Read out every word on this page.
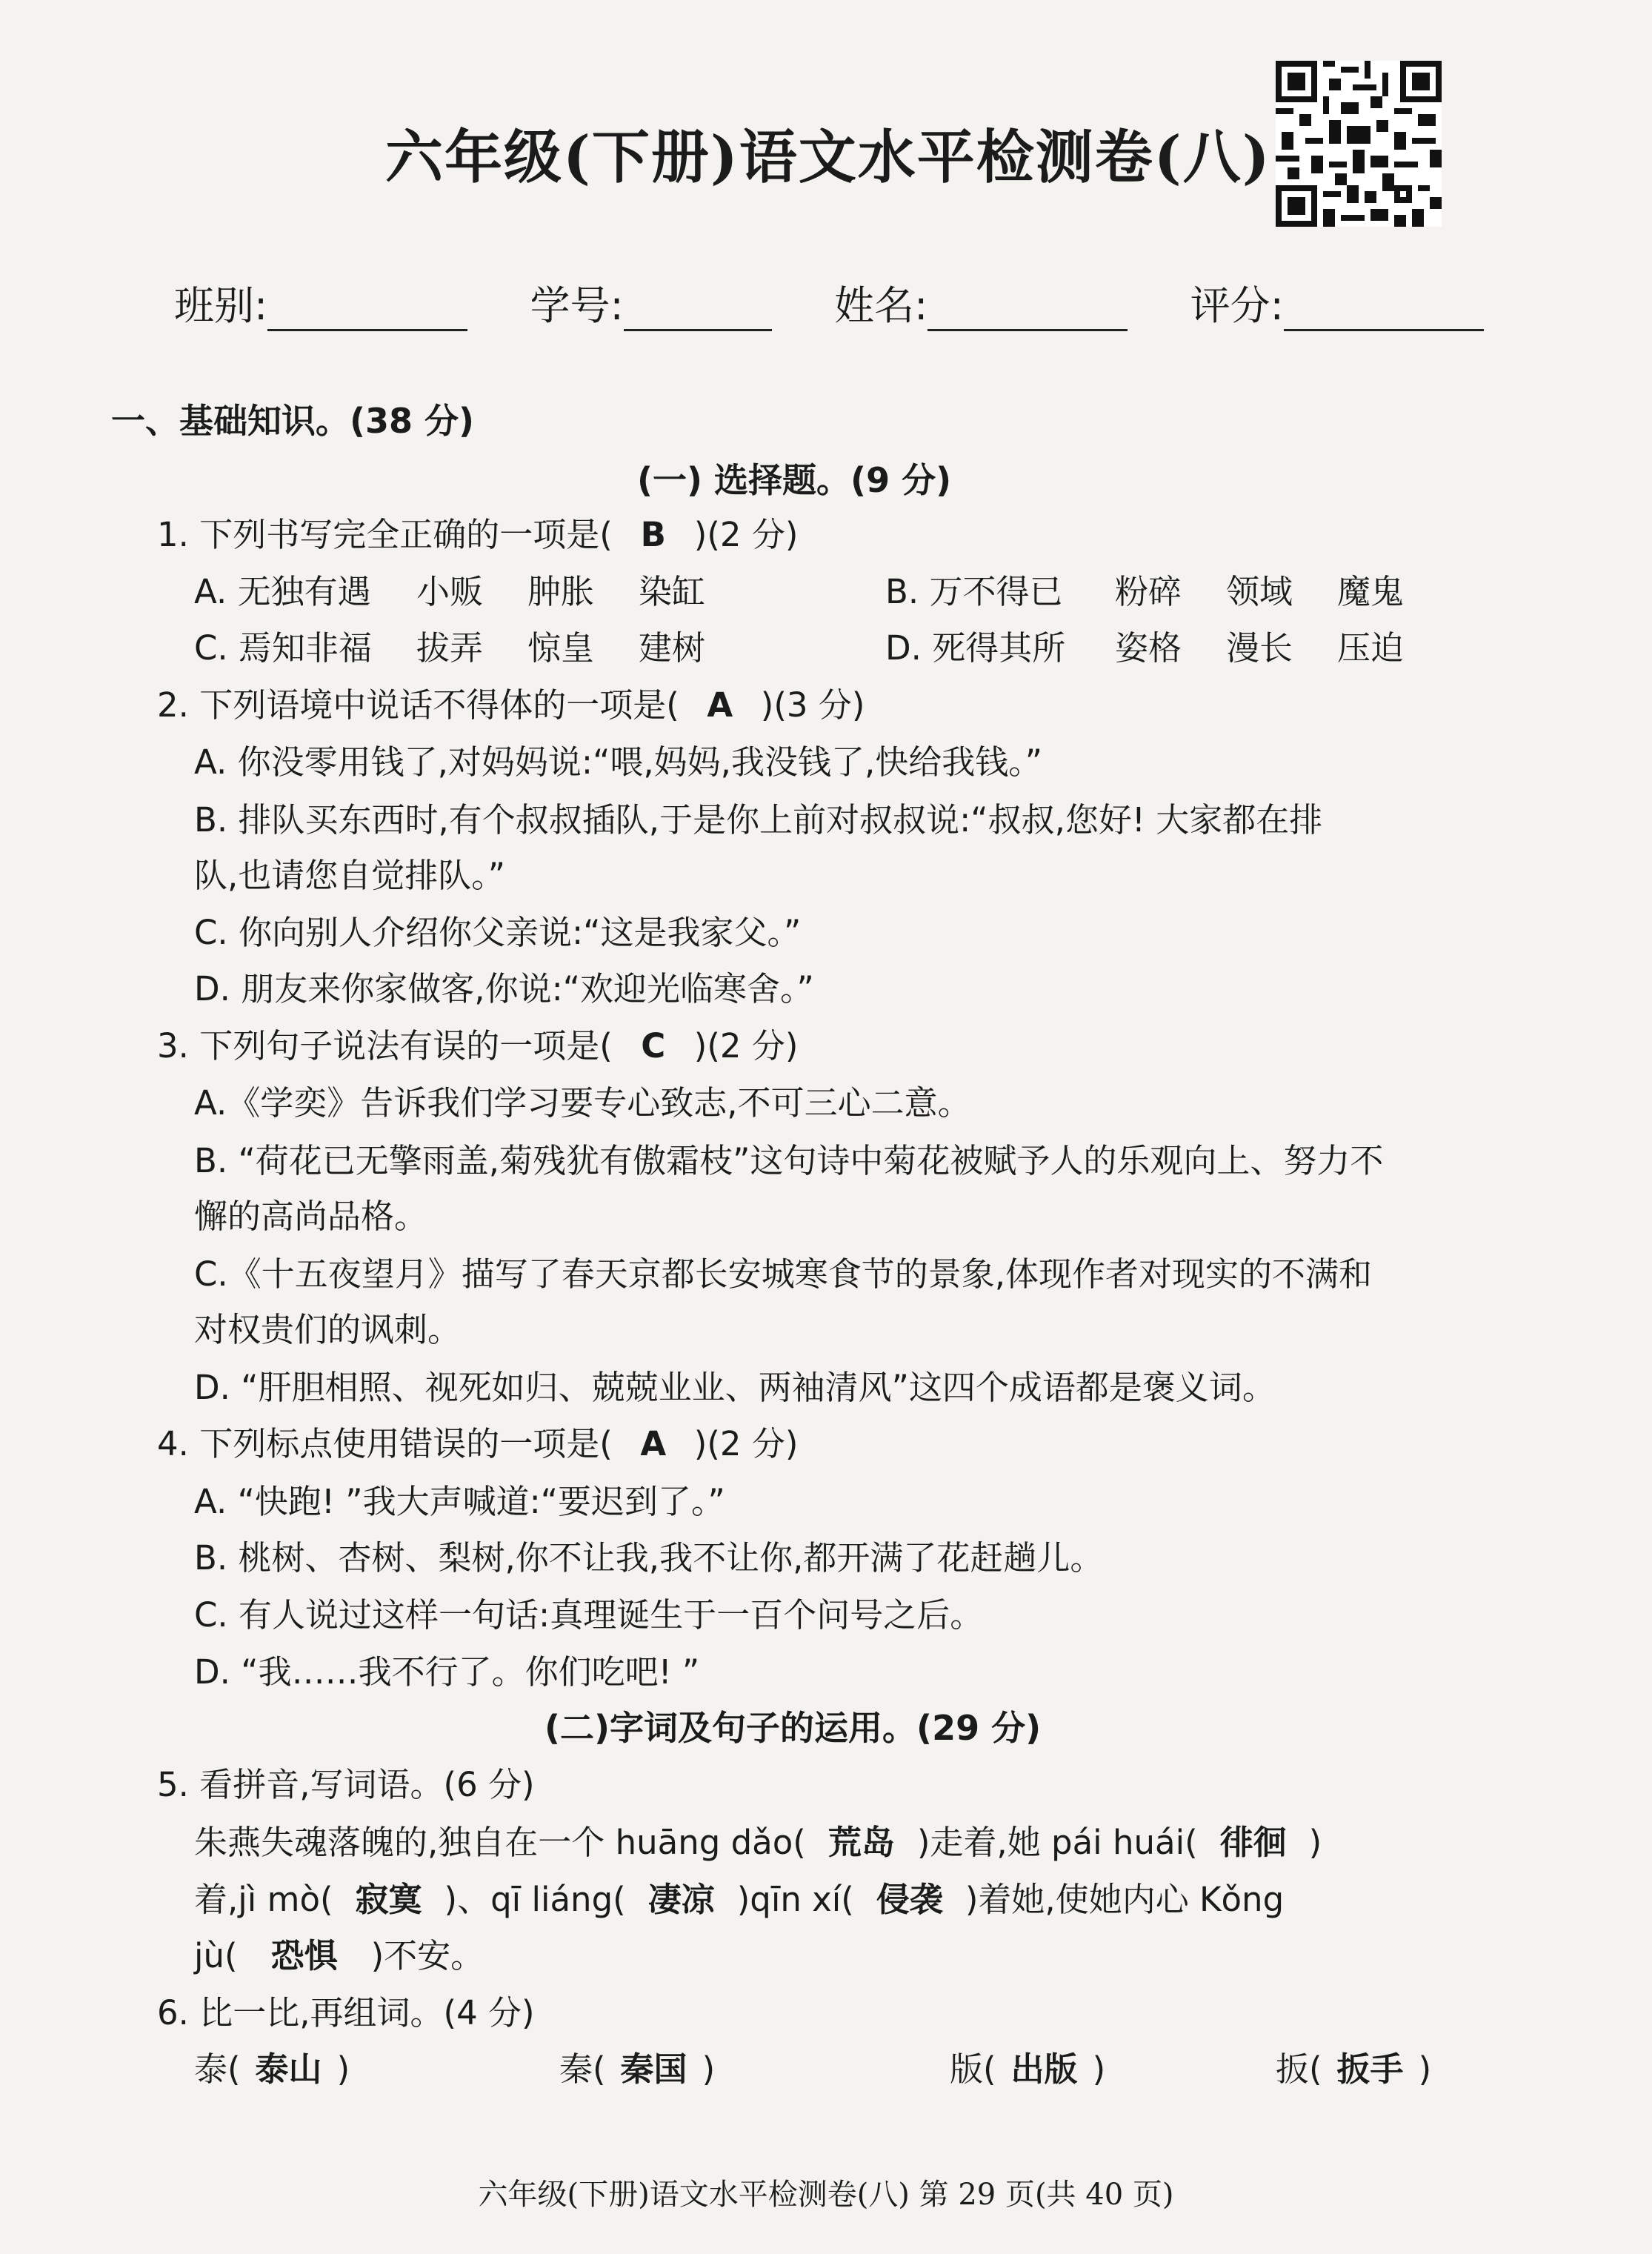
六年级(下册)语文水平检测卷(八)
班别:	学号:	姓名:	评分:
一、基础知识。(38 分)
(一) 选择题。(9 分)
1. 下列书写完全正确的一项是( B )(2 分)
A. 无独有遇 小贩 肿胀 染缸	B. 万不得已 粉碎 领域 魔鬼
C. 焉知非福 拔弄 惊皇 建树	D. 死得其所 姿格 漫长 压迫
2. 下列语境中说话不得体的一项是( A )(3 分)
A. 你没零用钱了,对妈妈说:“喂,妈妈,我没钱了,快给我钱。”
B. 排队买东西时,有个叔叔插队,于是你上前对叔叔说:“叔叔,您好! 大家都在排
队,也请您自觉排队。”
C. 你向别人介绍你父亲说:“这是我家父。”
D. 朋友来你家做客,你说:“欢迎光临寒舍。”
3. 下列句子说法有误的一项是( C )(2 分)
A.《学奕》告诉我们学习要专心致志,不可三心二意。
B. “荷花已无擎雨盖,菊残犹有傲霜枝”这句诗中菊花被赋予人的乐观向上、努力不
懈的高尚品格。
C.《十五夜望月》描写了春天京都长安城寒食节的景象,体现作者对现实的不满和
对权贵们的讽刺。
D. “肝胆相照、视死如归、兢兢业业、两袖清风”这四个成语都是褒义词。
4. 下列标点使用错误的一项是( A )(2 分)
A. “快跑! ”我大声喊道:“要迟到了。”
B. 桃树、杏树、梨树,你不让我,我不让你,都开满了花赶趟儿。
C. 有人说过这样一句话:真理诞生于一百个问号之后。
D. “我……我不行了。你们吃吧! ”
(二)字词及句子的运用。(29 分)
5. 看拼音,写词语。(6 分)
朱燕失魂落魄的,独自在一个 huāng dǎo( 荒岛 )走着,她 pái huái( 徘徊 )
着,jì mò( 寂寞 )、qī liáng( 凄凉 )qīn xí( 侵袭 )着她,使她内心 Kǒng
jù( 恐惧 )不安。
6. 比一比,再组词。(4 分)
泰( 泰山 )	秦( 秦国 )	版( 出版 )	扳( 扳手 )
六年级(下册)语文水平检测卷(八) 第 29 页(共 40 页)
